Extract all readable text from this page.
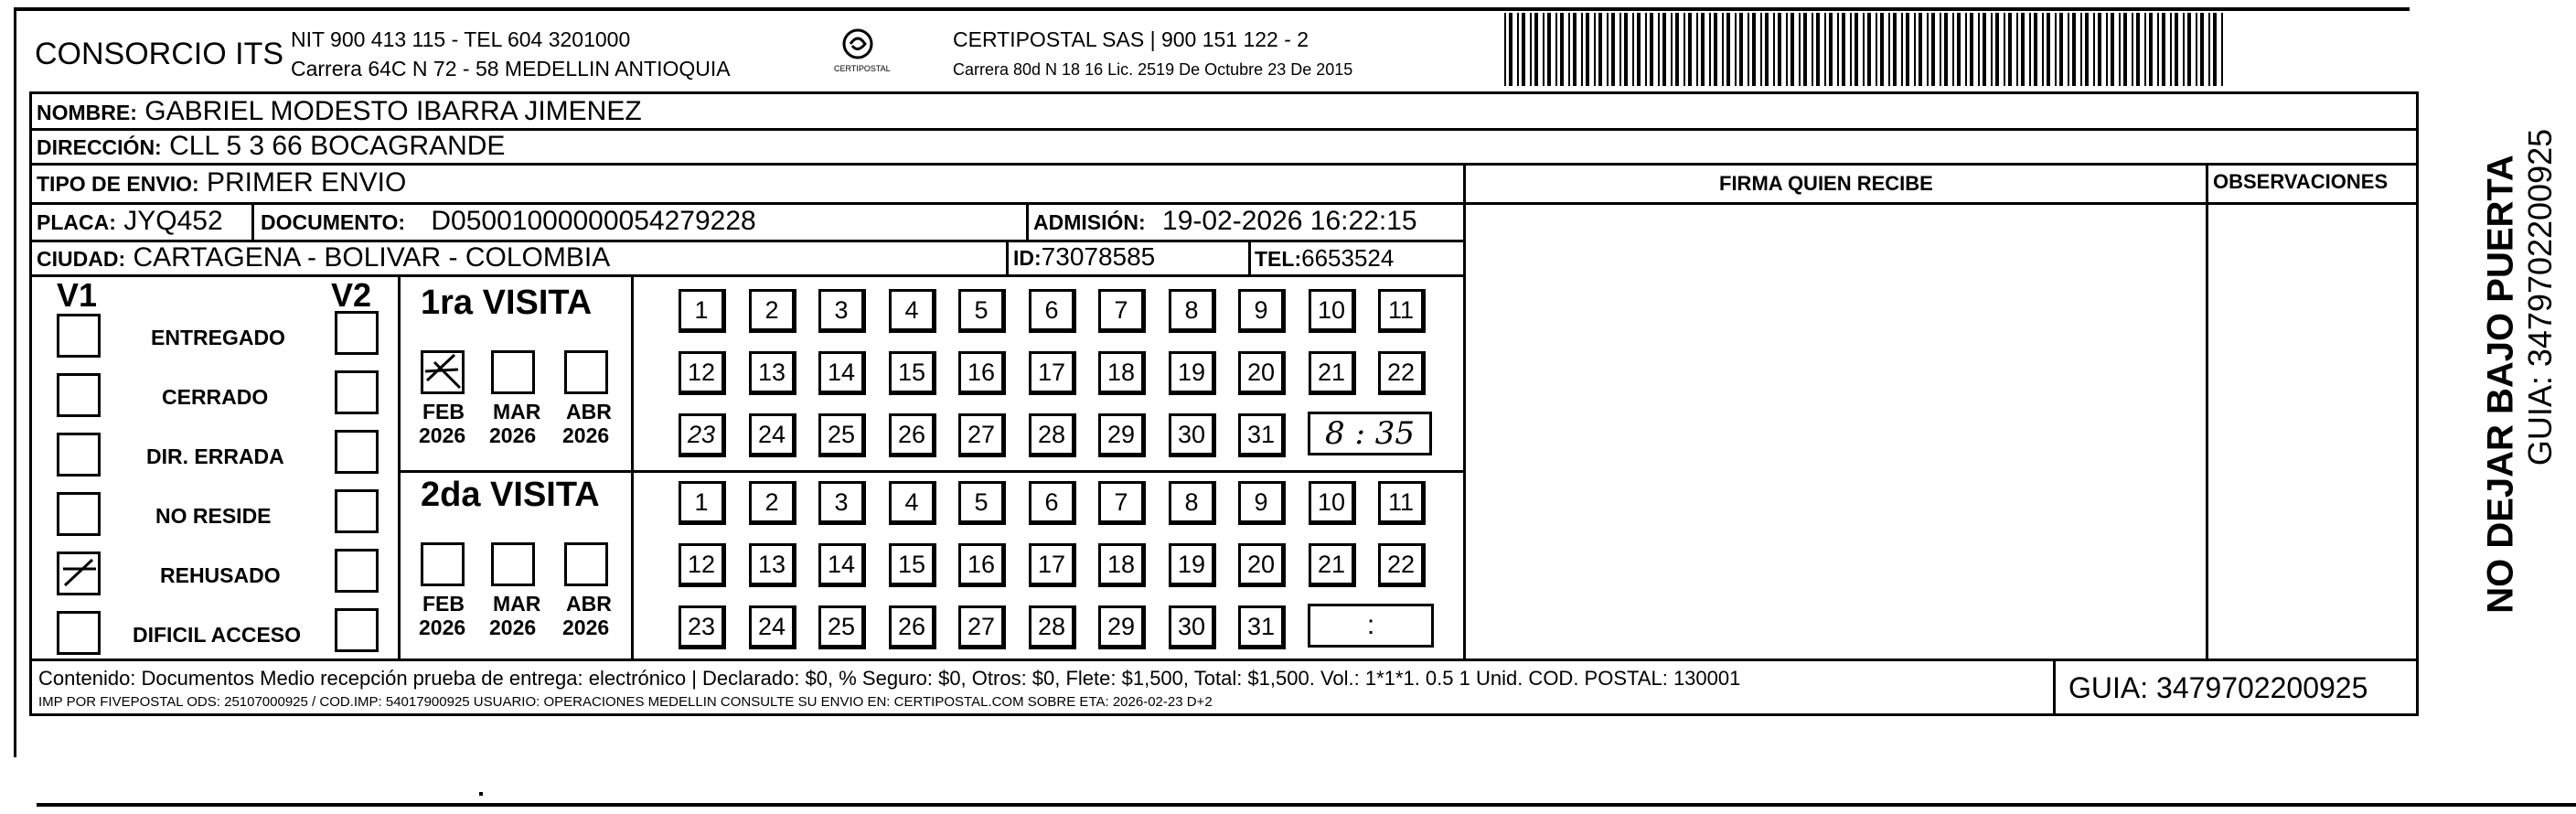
CONSORCIO ITS NIT 900 413 115 - TEL 604 3201000
Carrera 64C N 72 - 58 MEDELLIN ANTIOQUIA	CERTIPOSTAL
CERTIPOSTAL SAS | 900 151 122 - 2
Carrera 80d N 18 16 Lic. 2519 De Octubre 23 De 2015
NOMBRE: GABRIEL MODESTO IBARRA JIMENEZ
DIRECCIÓN: CLL 5 3 66 BOCAGRANDE
TIPO DE ENVIO: PRIMER ENVIO	FIRMA QUIEN RECIBE	OBSERVACIONES
PLACA: JYQ452 DOCUMENTO: D05001000000054279228	ADMISIÓN: 19-02-2026 16:22:15
CIUDAD: CARTAGENA - BOLIVAR - COLOMBIA	ID:73078585	TEL:6653524
V1	V2
ENTREGADO
CERRADO
DIR. ERRADA
NO RESIDE
REHUSADO
DIFICIL ACCESO
1ra VISITA
2da VISITA
FEB
2026
MAR
2026
ABR
2026
FEB
2026
MAR
2026
ABR
2026
1	2	3	4	5	6	7	8	9	10	11
12	13	14	15	16	17	18	19	20	21	22
23	24	25	26	27	28	29	30	31
1	2	3	4	5	6	7	8	9	10	11
12	13	14	15	16	17	18	19	20	21	22
23	24	25	26	27	28	29	30	31
8 : 35
:
Contenido: Documentos Medio recepción prueba de entrega: electrónico | Declarado: $0, % Seguro: $0, Otros: $0, Flete: $1,500, Total: $1,500. Vol.: 1*1*1. 0.5 1 Unid. COD. POSTAL: 130001
IMP POR FIVEPOSTAL ODS: 25107000925 / COD.IMP: 54017900925 USUARIO: OPERACIONES MEDELLIN CONSULTE SU ENVIO EN: CERTIPOSTAL.COM SOBRE ETA: 2026-02-23 D+2	GUIA: 3479702200925
NO DEJAR BAJO PUERTA GUIA: 3479702200925
